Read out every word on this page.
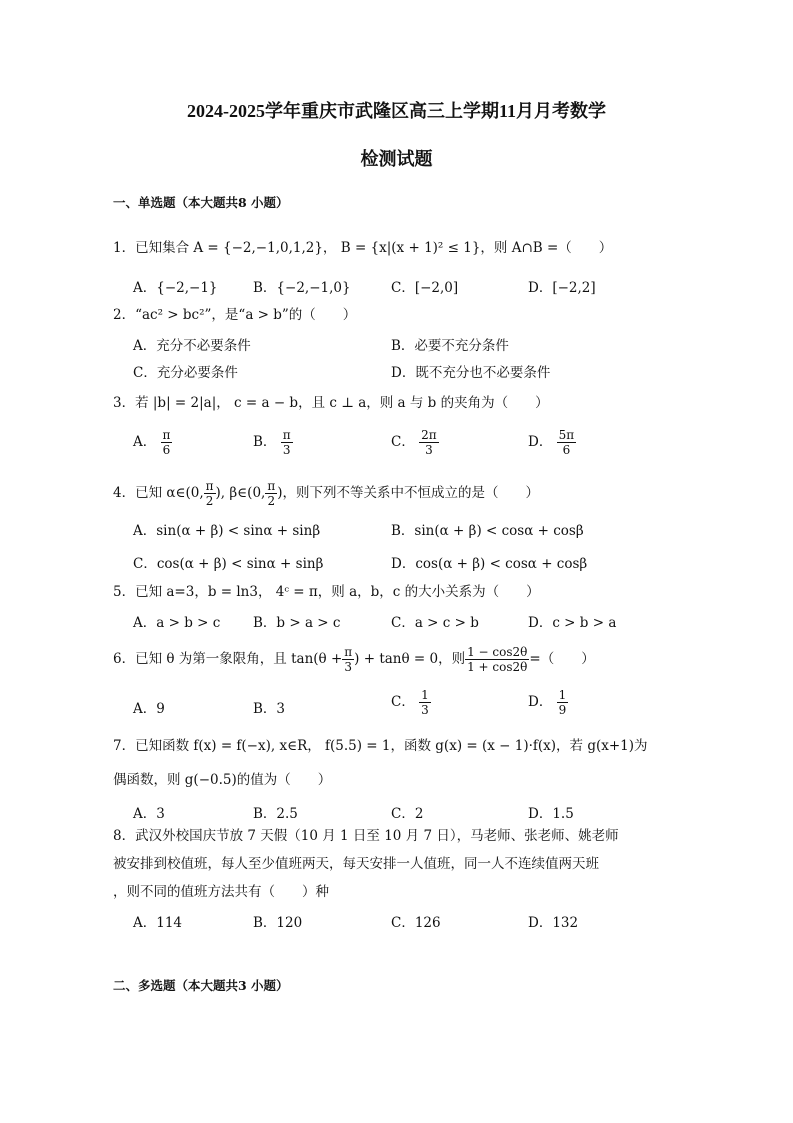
2024-2025学年重庆市武隆区高三上学期11月月考数学
检测试题
一、单选题（本大题共8 小题）
1．已知集合 A = {−2,−1,0,1,2}， B = {x|(x + 1)² ≤ 1}，则 A∩B =（　　）
A．{−2,−1}	B．{−2,−1,0}	C．[−2,0]	D．[−2,2]
2．“ac² > bc²”，是“a > b”的（　　）
A．充分不必要条件	B．必要不充分条件
C．充分必要条件	D．既不充分也不必要条件
3．若 |b| = 2|a|， c = a − b，且 c ⊥ a，则 a 与 b 的夹角为（　　）
A． $\frac{\pi}{6}$	B． $\frac{\pi}{3}$	C． $\frac{2\pi}{3}$	D． $\frac{5\pi}{6}$
4．已知 α∈(0, $\frac{\pi}{2}$ ), β∈(0, $\frac{\pi}{2}$ )，则下列不等关系中不恒成立的是（　　）
A．sin(α + β) < sinα + sinβ	B．sin(α + β) < cosα + cosβ
C．cos(α + β) < sinα + sinβ	D．cos(α + β) < cosα + cosβ
5．已知 a=3，b = ln3， 4ᶜ = π，则 a，b，c 的大小关系为（　　）
A．a > b > c B．b > a > c	C．a > c > b	D．c > b > a
6．已知 θ 为第一象限角，且 $\tan(\theta + \frac{\pi}{3}$ ) + tanθ = 0，则 $\frac{1 - \cos 2\theta}{1 + \cos 2\theta}$ =（　　）
A．9	B．3	C． $\frac{1}{3}$	D． $\frac{1}{9}$
7．已知函数 f(x) = f(−x), x∈R， f(5.5) = 1，函数 g(x) = (x − 1)·f(x)，若 g(x+1)为
偶函数，则 g(−0.5)的值为（　　）
A．3	B．2.5	C．2	D．1.5
8．武汉外校国庆节放 7 天假（10 月 1 日至 10 月 7 日），马老师、张老师、姚老师
被安排到校值班，每人至少值班两天，每天安排一人值班，同一人不连续值两天班
，则不同的值班方法共有（　　）种
A．114	B．120	C．126	D．132
二、多选题（本大题共3 小题）
